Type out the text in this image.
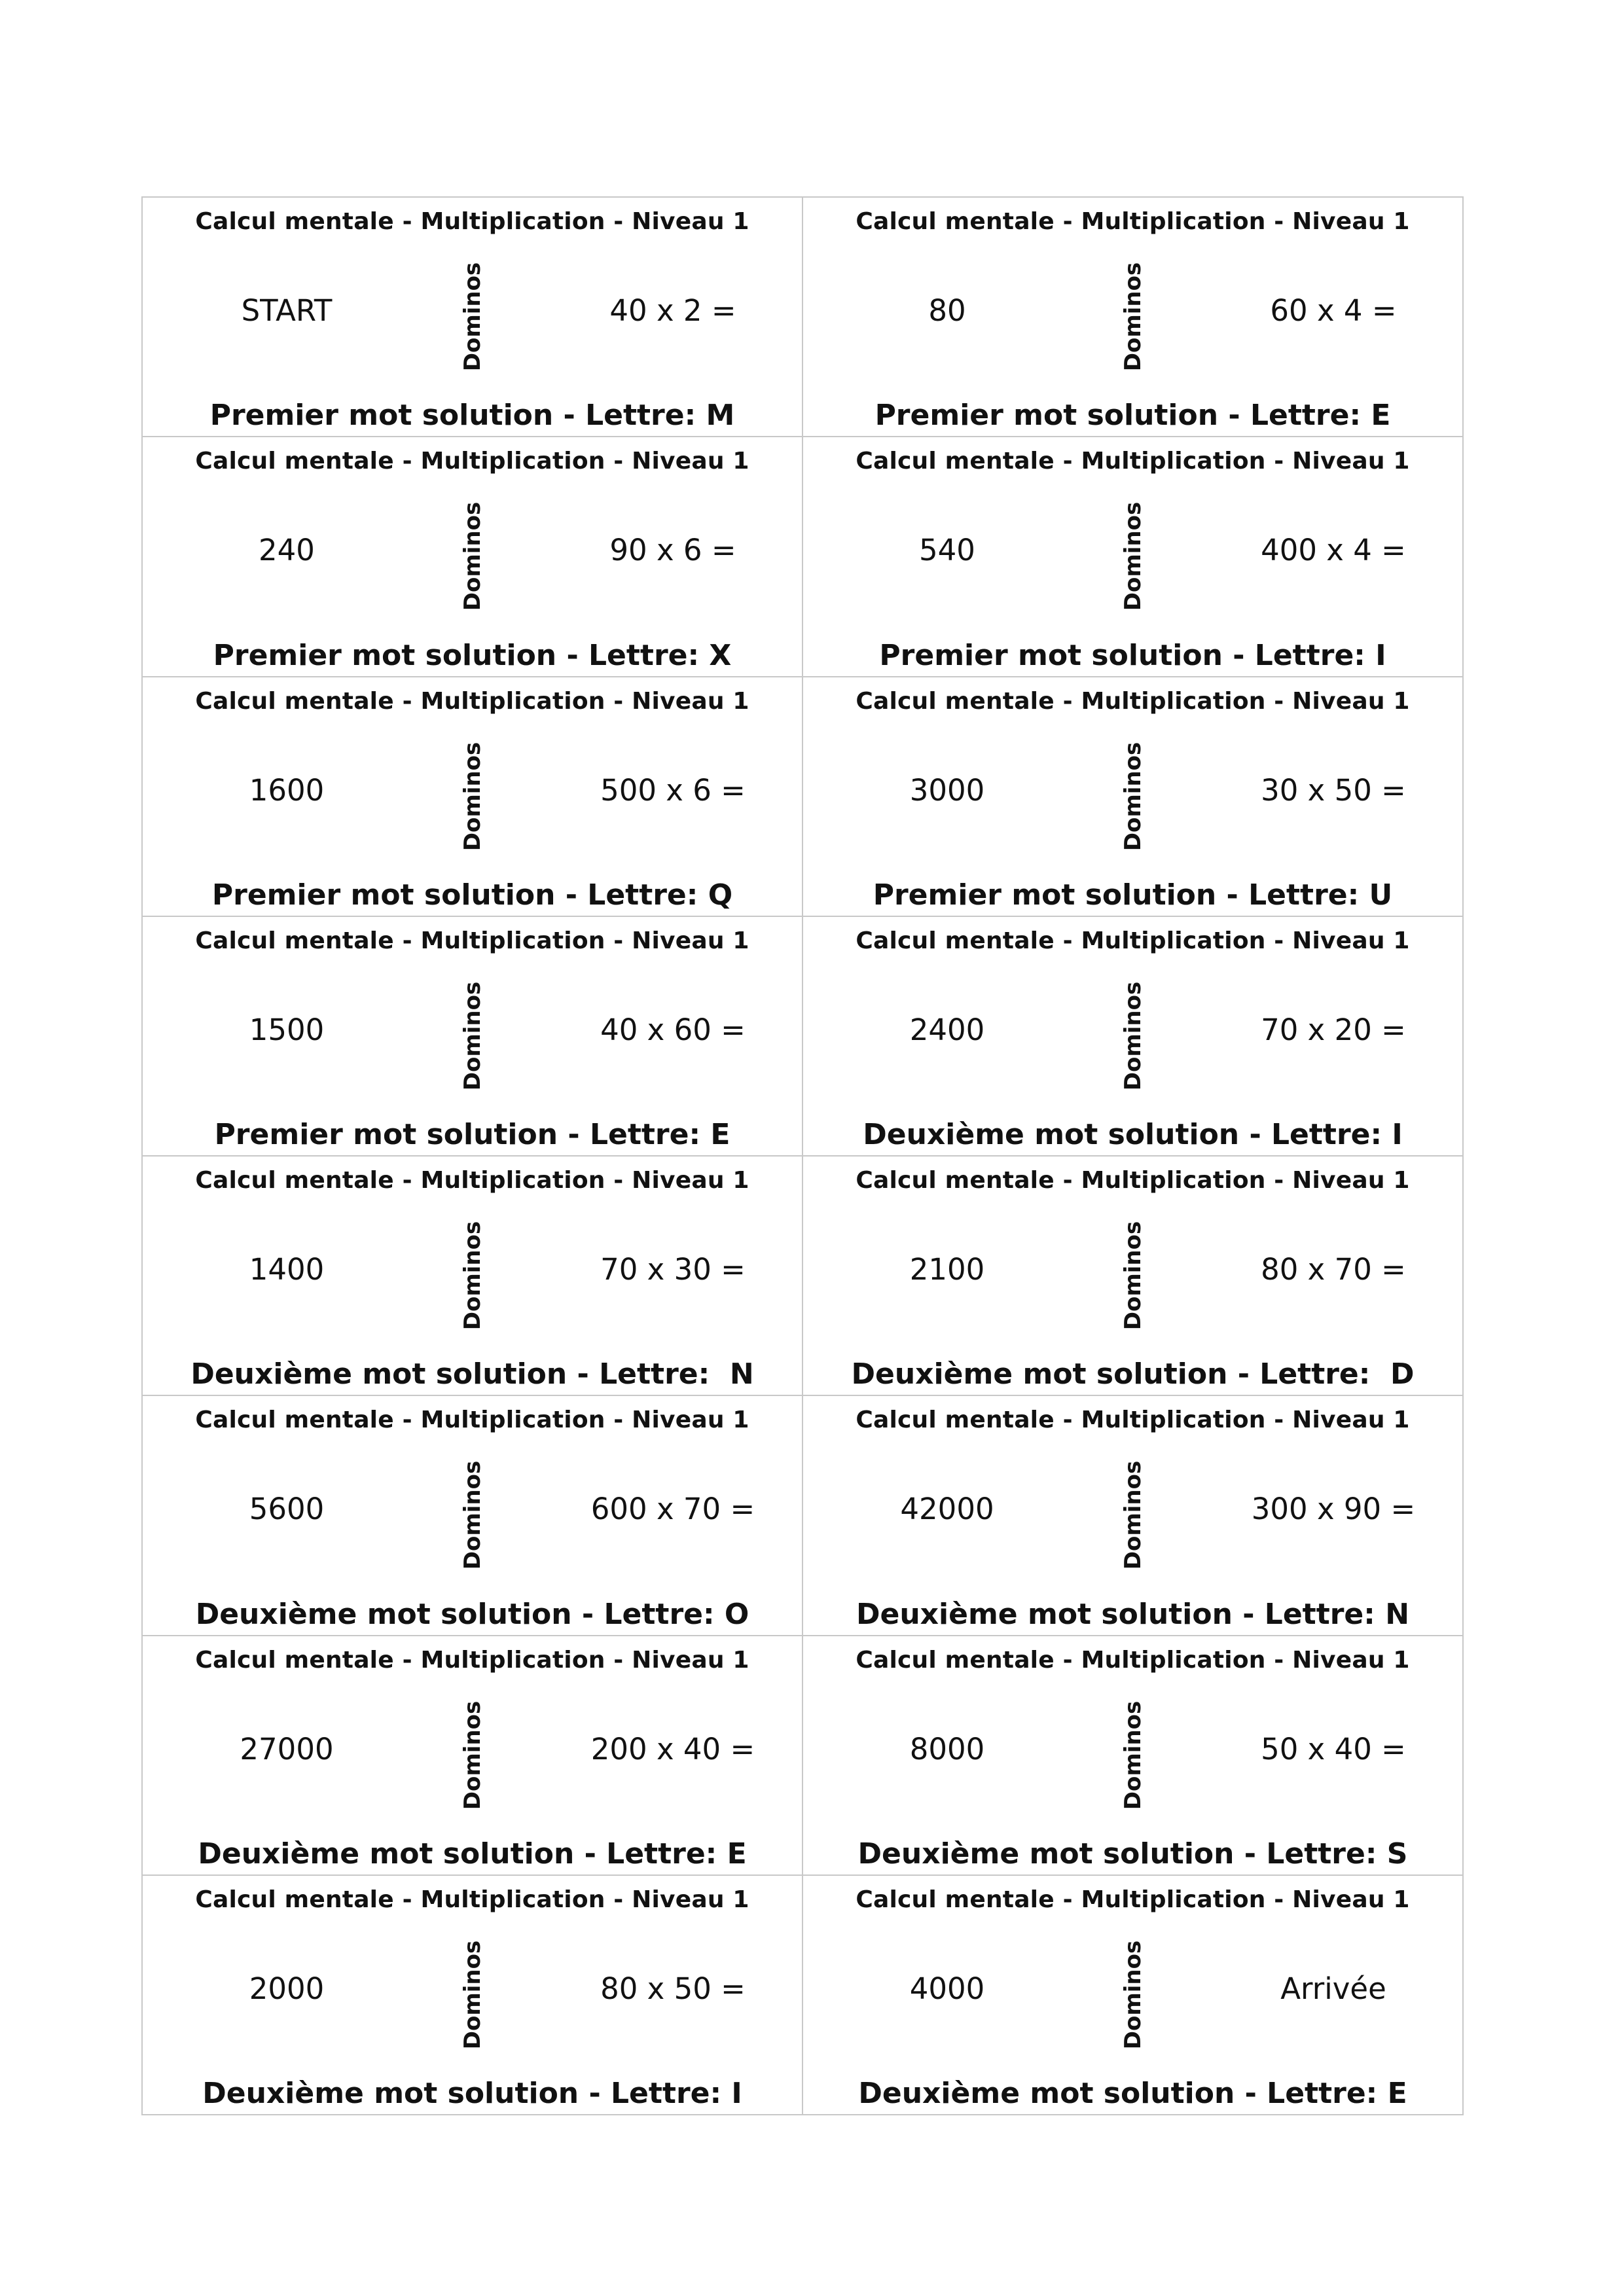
Calcul mentale - Multiplication - Niveau 1
START	Dominos	40 x 2 =
Premier mot solution - Lettre: M
Calcul mentale - Multiplication - Niveau 1
80	Dominos	60 x 4 =
Premier mot solution - Lettre: E
Calcul mentale - Multiplication - Niveau 1
240	Dominos	90 x 6 =
Premier mot solution - Lettre: X
Calcul mentale - Multiplication - Niveau 1
540	Dominos	400 x 4 =
Premier mot solution - Lettre: I
Calcul mentale - Multiplication - Niveau 1
1600	Dominos	500 x 6 =
Premier mot solution - Lettre: Q
Calcul mentale - Multiplication - Niveau 1
3000	Dominos	30 x 50 =
Premier mot solution - Lettre: U
Calcul mentale - Multiplication - Niveau 1
1500	Dominos	40 x 60 =
Premier mot solution - Lettre: E
Calcul mentale - Multiplication - Niveau 1
2400	Dominos	70 x 20 =
Deuxième mot solution - Lettre: I
Calcul mentale - Multiplication - Niveau 1
1400	Dominos	70 x 30 =
Deuxième mot solution - Lettre:  N
Calcul mentale - Multiplication - Niveau 1
2100	Dominos	80 x 70 =
Deuxième mot solution - Lettre:  D
Calcul mentale - Multiplication - Niveau 1
5600	Dominos	600 x 70 =
Deuxième mot solution - Lettre: O
Calcul mentale - Multiplication - Niveau 1
42000	Dominos	300 x 90 =
Deuxième mot solution - Lettre: N
Calcul mentale - Multiplication - Niveau 1
27000	Dominos	200 x 40 =
Deuxième mot solution - Lettre: E
Calcul mentale - Multiplication - Niveau 1
8000	Dominos	50 x 40 =
Deuxième mot solution - Lettre: S
Calcul mentale - Multiplication - Niveau 1
2000	Dominos	80 x 50 =
Deuxième mot solution - Lettre: I
Calcul mentale - Multiplication - Niveau 1
4000	Dominos	Arrivée
Deuxième mot solution - Lettre: E
